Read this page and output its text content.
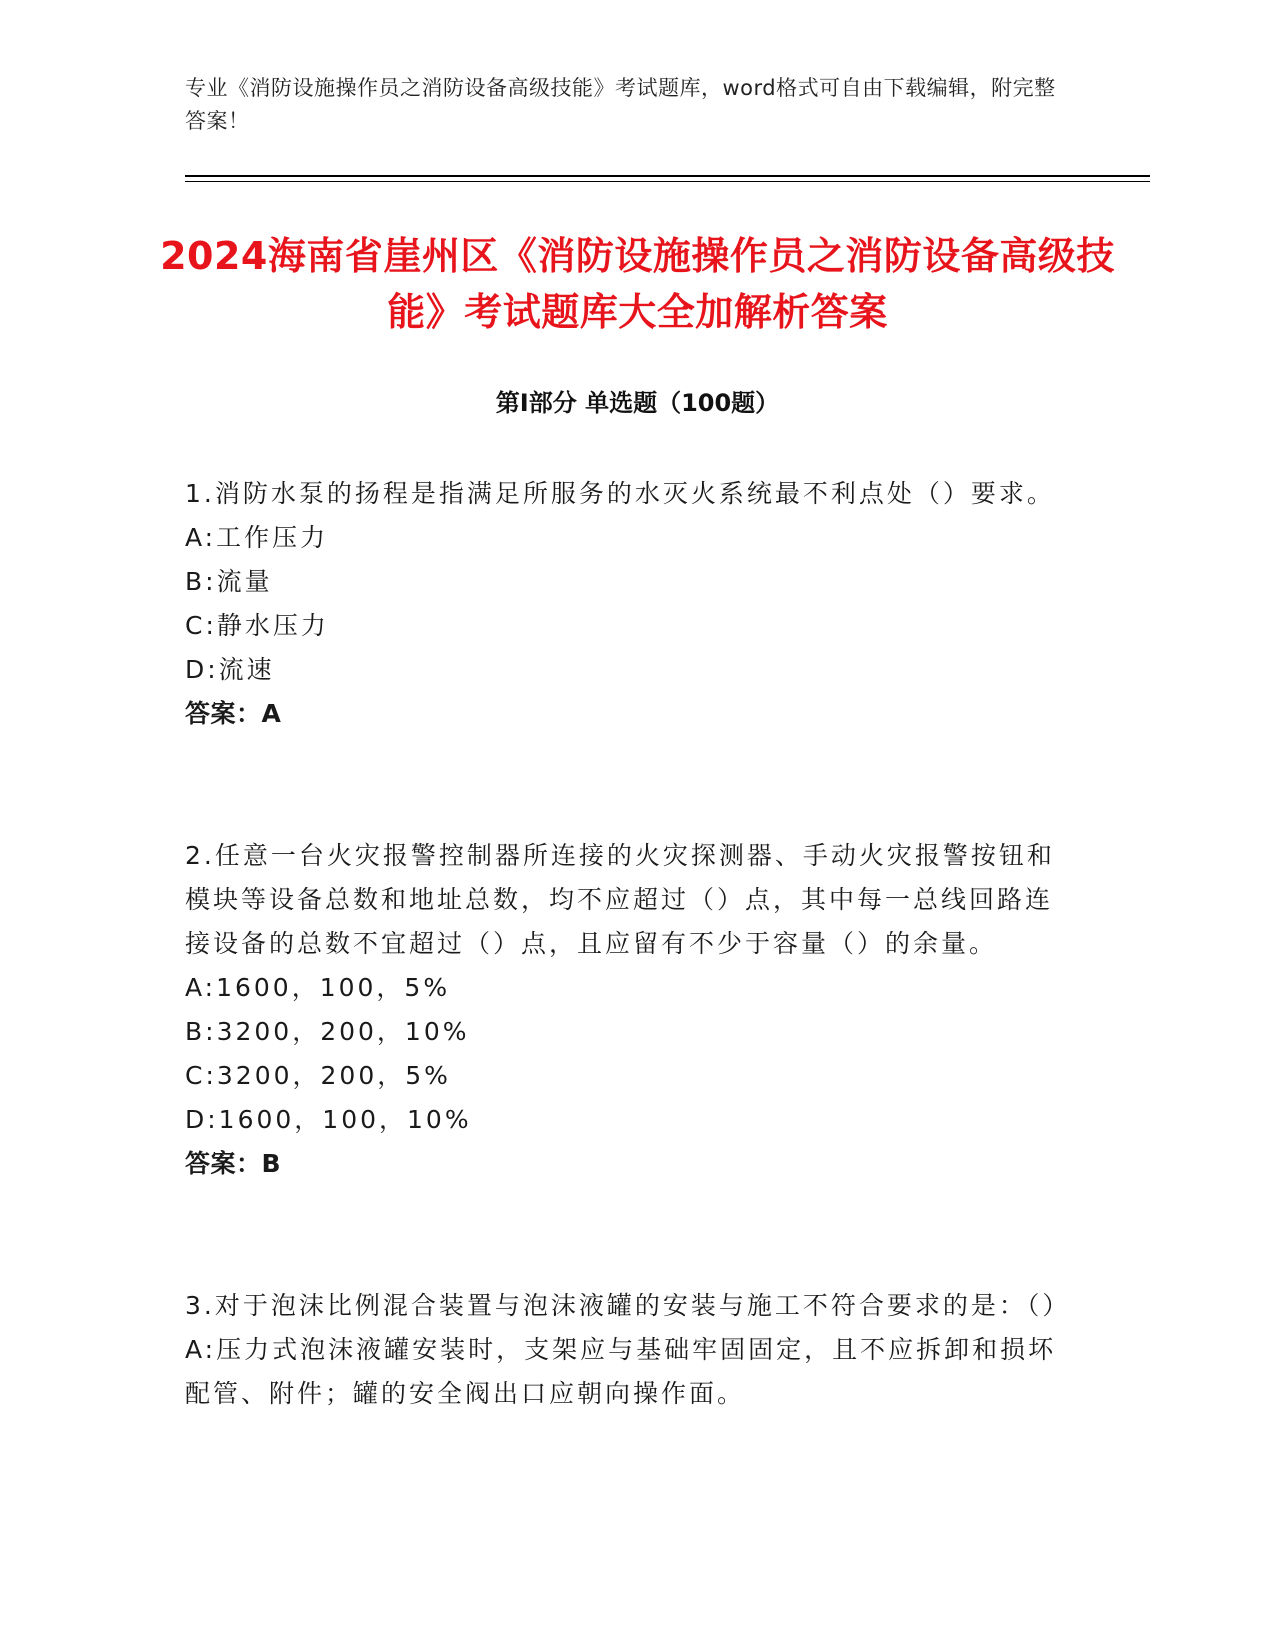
专业《消防设施操作员之消防设备高级技能》考试题库，word格式可自由下载编辑，附完整答案！
2024海南省崖州区《消防设施操作员之消防设备高级技能》考试题库大全加解析答案
第I部分 单选题（100题）
1.消防水泵的扬程是指满足所服务的水灭火系统最不利点处（）要求。
A:工作压力
B:流量
C:静水压力
D:流速
答案：A
2.任意一台火灾报警控制器所连接的火灾探测器、手动火灾报警按钮和模块等设备总数和地址总数，均不应超过（）点，其中每一总线回路连接设备的总数不宜超过（）点，且应留有不少于容量（）的余量。
A:1600，100，5%
B:3200，200，10%
C:3200，200，5%
D:1600，100，10%
答案：B
3.对于泡沫比例混合装置与泡沫液罐的安装与施工不符合要求的是：（）
A:压力式泡沫液罐安装时，支架应与基础牢固固定，且不应拆卸和损坏配管、附件；罐的安全阀出口应朝向操作面。
